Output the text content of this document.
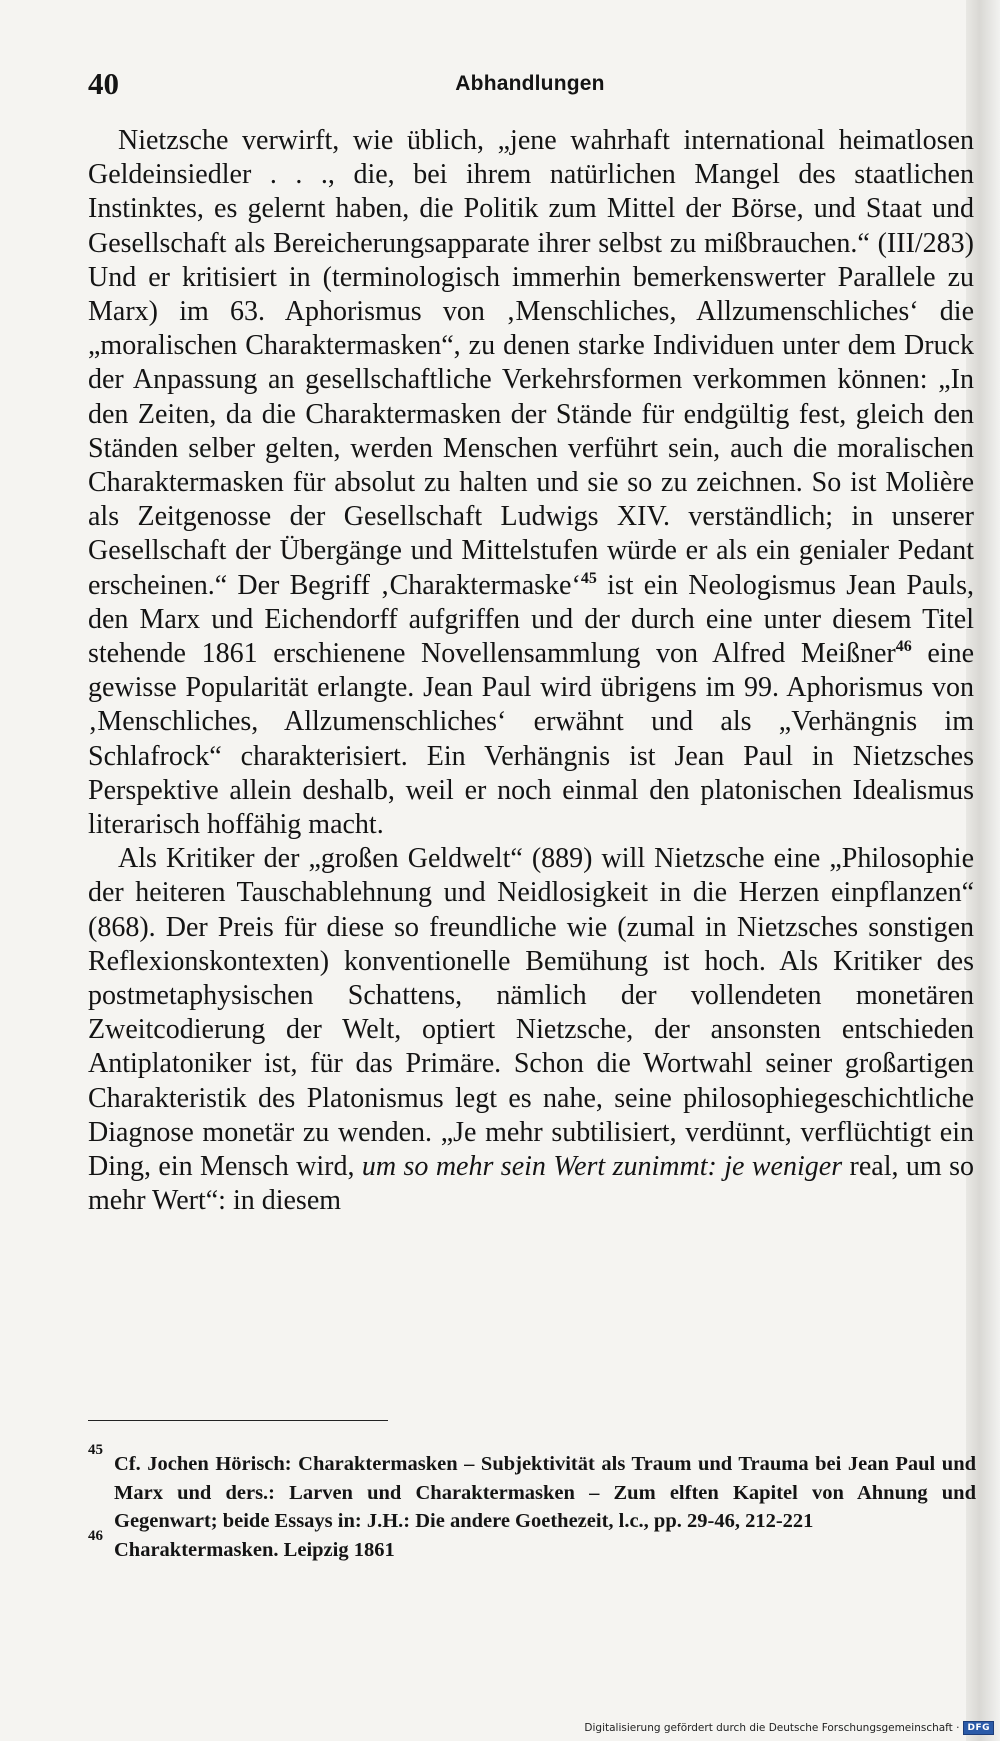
40	Abhandlungen

Nietzsche verwirft, wie üblich, „jene wahrhaft international heimatlosen Geldeinsiedler . . ., die, bei ihrem natürlichen Mangel des staatlichen Instinktes, es gelernt haben, die Politik zum Mittel der Börse, und Staat und Gesellschaft als Bereicherungsapparate ihrer selbst zu mißbrauchen.“ (III/283) Und er kritisiert in (terminologisch immerhin bemerkenswerter Parallele zu Marx) im 63. Aphorismus von ‚Menschliches, Allzumenschliches‘ die „moralischen Charaktermasken“, zu denen starke Individuen unter dem Druck der Anpassung an gesellschaftliche Verkehrsformen verkommen können: „In den Zeiten, da die Charaktermasken der Stände für endgültig fest, gleich den Ständen selber gelten, werden Menschen verführt sein, auch die moralischen Charaktermasken für absolut zu halten und sie so zu zeichnen. So ist Molière als Zeitgenosse der Gesellschaft Ludwigs XIV. verständlich; in unserer Gesellschaft der Übergänge und Mittelstufen würde er als ein genialer Pedant erscheinen.“ Der Begriff ‚Charaktermaske‘$^{45}$ ist ein Neologismus Jean Pauls, den Marx und Eichendorff aufgriffen und der durch eine unter diesem Titel stehende 1861 erschienene Novellensammlung von Alfred Meißner$^{46}$ eine gewisse Popularität erlangte. Jean Paul wird übrigens im 99. Aphorismus von ‚Menschliches, Allzumenschliches‘ erwähnt und als „Verhängnis im Schlafrock“ charakterisiert. Ein Verhängnis ist Jean Paul in Nietzsches Perspektive allein deshalb, weil er noch einmal den platonischen Idealismus literarisch hoffähig macht.

Als Kritiker der „großen Geldwelt“ (889) will Nietzsche eine „Philosophie der heiteren Tauschablehnung und Neidlosigkeit in die Herzen einpflanzen“ (868). Der Preis für diese so freundliche wie (zumal in Nietzsches sonstigen Reflexionskontexten) konventionelle Bemühung ist hoch. Als Kritiker des postmetaphysischen Schattens, nämlich der vollendeten monetären Zweitcodierung der Welt, optiert Nietzsche, der ansonsten entschieden Antiplatoniker ist, für das Primäre. Schon die Wortwahl seiner großartigen Charakteristik des Platonismus legt es nahe, seine philosophiegeschichtliche Diagnose monetär zu wenden. „Je mehr subtilisiert, verdünnt, verflüchtigt ein Ding, ein Mensch wird, um so mehr sein Wert zunimmt: je weniger real, um so mehr Wert“: in diesem

45
Cf. Jochen Hörisch: Charaktermasken – Subjektivität als Traum und Trauma bei Jean Paul und Marx und ders.: Larven und Charaktermasken – Zum elften Kapitel von Ahnung und Gegenwart; beide Essays in: J.H.: Die andere Goethezeit, l.c., pp. 29-46, 212-221
46
Charaktermasken. Leipzig 1861
Digitalisierung gefördert durch die Deutsche Forschungsgemeinschaft · DFG
